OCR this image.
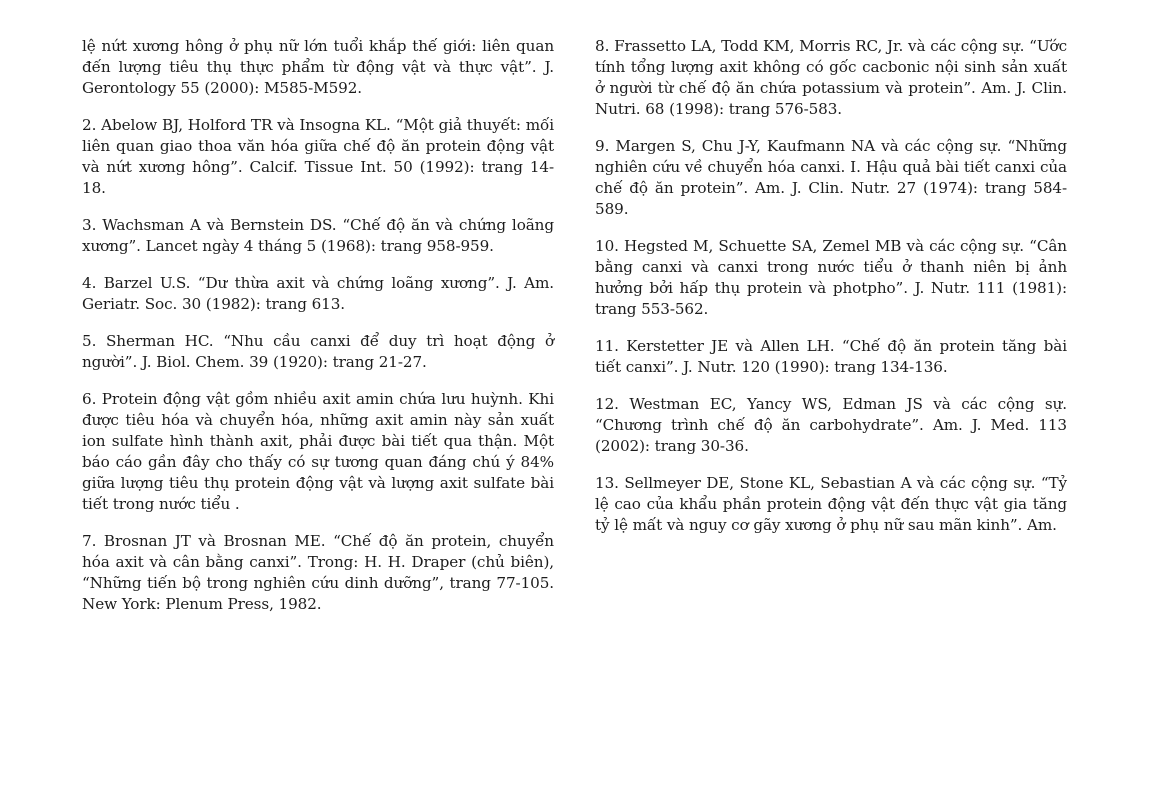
lệ nứt xương hông ở phụ nữ lớn tuổi khắp thế giới: liên quan đến lượng tiêu thụ thực phẩm từ động vật và thực vật”. J. Gerontology 55 (2000): M585-M592.

2. Abelow BJ, Holford TR và Insogna KL. “Một giả thuyết: mối liên quan giao thoa văn hóa giữa chế độ ăn protein động vật và nứt xương hông”. Calcif. Tissue Int. 50 (1992): trang 14-18.

3. Wachsman A và Bernstein DS. “Chế độ ăn và chứng loãng xương”. Lancet ngày 4 tháng 5 (1968): trang 958-959.

4. Barzel U.S. “Dư thừa axit và chứng loãng xương”. J. Am. Geriatr. Soc. 30 (1982): trang 613.

5. Sherman HC. “Nhu cầu canxi để duy trì hoạt động ở người”. J. Biol. Chem. 39 (1920): trang 21-27.

6. Protein động vật gồm nhiều axit amin chứa lưu huỳnh. Khi được tiêu hóa và chuyển hóa, những axit amin này sản xuất ion sulfate hình thành axit, phải được bài tiết qua thận. Một báo cáo gần đây cho thấy có sự tương quan đáng chú ý 84% giữa lượng tiêu thụ protein động vật và lượng axit sulfate bài tiết trong nước tiểu .

7. Brosnan JT và Brosnan ME. “Chế độ ăn protein, chuyển hóa axit và cân bằng canxi”. Trong: H. H. Draper (chủ biên), “Những tiến bộ trong nghiên cứu dinh dưỡng”, trang 77-105. New York: Plenum Press, 1982.

8. Frassetto LA, Todd KM, Morris RC, Jr. và các cộng sự. “Ước tính tổng lượng axit không có gốc cacbonic nội sinh sản xuất ở người từ chế độ ăn chứa potassium và protein”. Am. J. Clin. Nutri. 68 (1998): trang 576-583.

9. Margen S, Chu J-Y, Kaufmann NA và các cộng sự. “Những nghiên cứu về chuyển hóa canxi. I. Hậu quả bài tiết canxi của chế độ ăn protein”. Am. J. Clin. Nutr. 27 (1974): trang 584-589.

10. Hegsted M, Schuette SA, Zemel MB và các cộng sự. “Cân bằng canxi và canxi trong nước tiểu ở thanh niên bị ảnh hưởng bởi hấp thụ protein và photpho”. J. Nutr. 111 (1981): trang 553-562.

11. Kerstetter JE và Allen LH. “Chế độ ăn protein tăng bài tiết canxi”. J. Nutr. 120 (1990): trang 134-136.

12. Westman EC, Yancy WS, Edman JS và các cộng sự. “Chương trình chế độ ăn carbohydrate”. Am. J. Med. 113 (2002): trang 30-36.

13. Sellmeyer DE, Stone KL, Sebastian A và các cộng sự. “Tỷ lệ cao của khẩu phần protein động vật đến thực vật gia tăng tỷ lệ mất và nguy cơ gãy xương ở phụ nữ sau mãn kinh”. Am.
